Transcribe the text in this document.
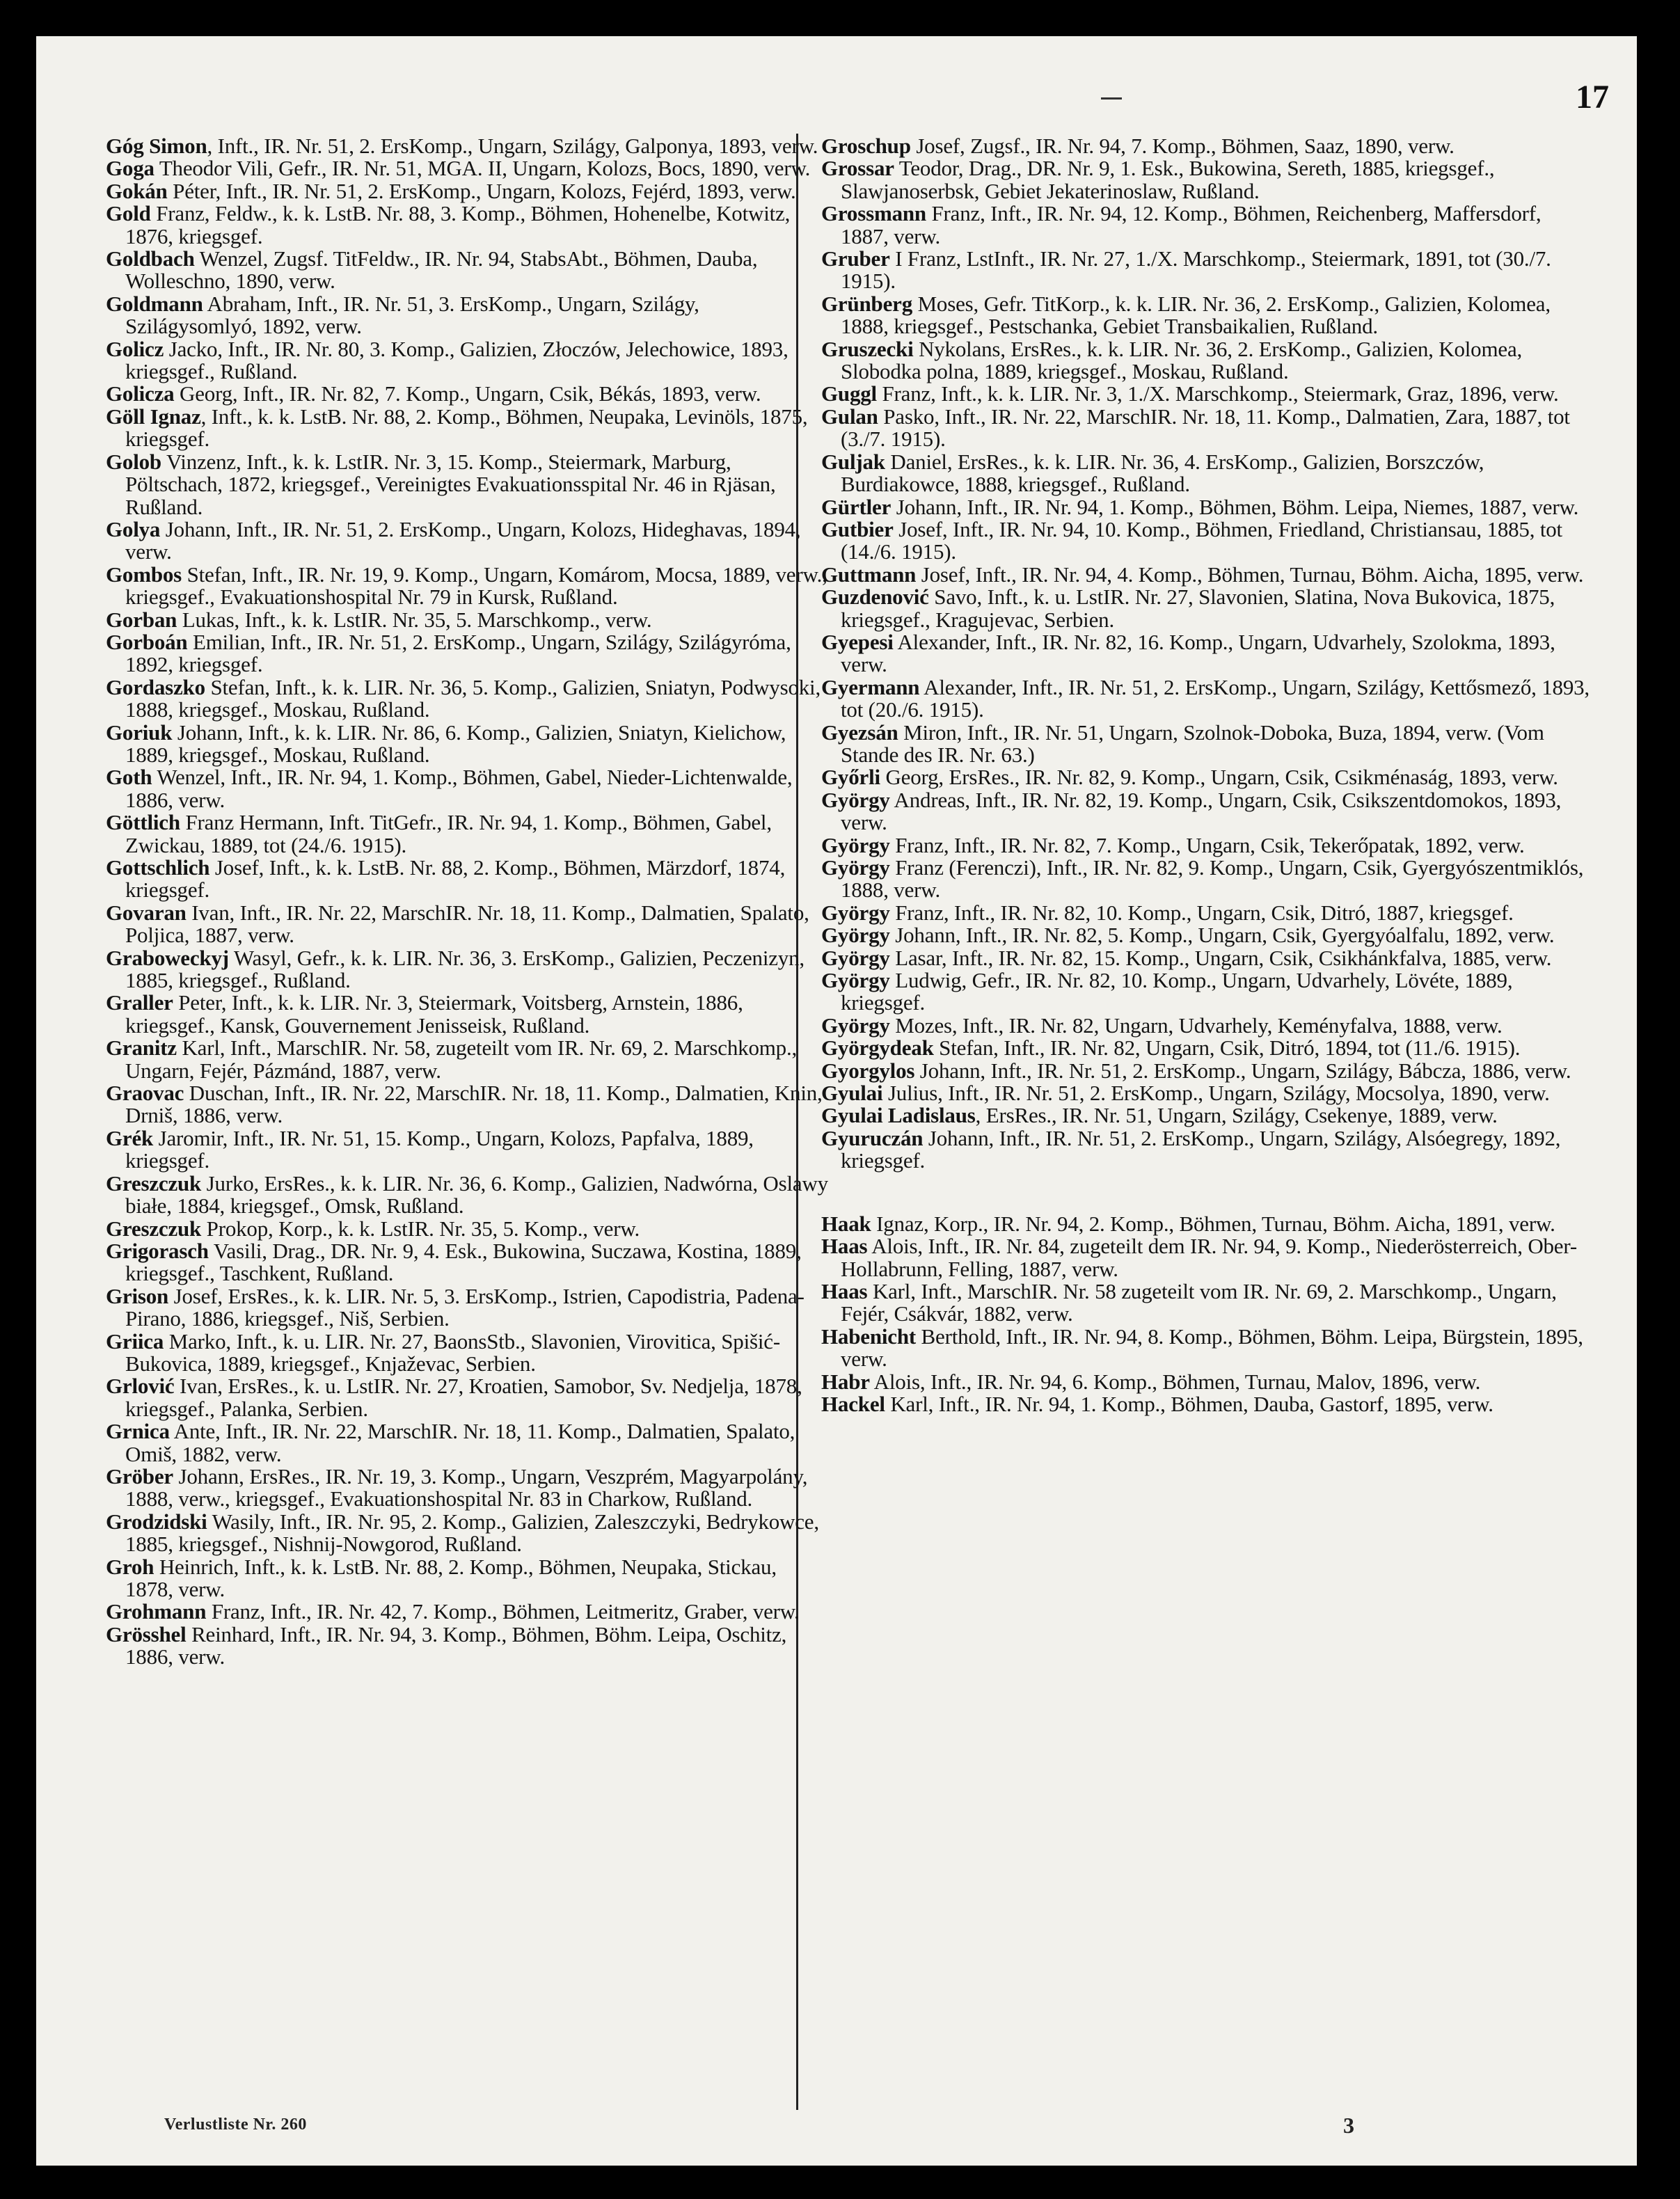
17

Góg Simon, Inft., IR. Nr. 51, 2. ErsKomp., Ungarn, Szilágy, Galponya, 1893, verw.

Goga Theodor Vili, Gefr., IR. Nr. 51, MGA. II, Ungarn, Kolozs, Bocs, 1890, verw.

Gokán Péter, Inft., IR. Nr. 51, 2. ErsKomp., Ungarn, Kolozs, Fejérd, 1893, verw.

Gold Franz, Feldw., k. k. LstB. Nr. 88, 3. Komp., Böhmen, Hohenelbe, Kotwitz, 1876, kriegsgef.

Goldbach Wenzel, Zugsf. TitFeldw., IR. Nr. 94, StabsAbt., Böhmen, Dauba, Wolleschno, 1890, verw.

Goldmann Abraham, Inft., IR. Nr. 51, 3. ErsKomp., Ungarn, Szilágy, Szilágysomlyó, 1892, verw.

Golicz Jacko, Inft., IR. Nr. 80, 3. Komp., Galizien, Złoczów, Jelechowice, 1893, kriegsgef., Rußland.

Golicza Georg, Inft., IR. Nr. 82, 7. Komp., Ungarn, Csik, Békás, 1893, verw.

Göll Ignaz, Inft., k. k. LstB. Nr. 88, 2. Komp., Böhmen, Neupaka, Levinöls, 1875, kriegsgef.

Golob Vinzenz, Inft., k. k. LstIR. Nr. 3, 15. Komp., Steiermark, Marburg, Pöltschach, 1872, kriegsgef., Vereinigtes Evakuationsspital Nr. 46 in Rjäsan, Rußland.

Golya Johann, Inft., IR. Nr. 51, 2. ErsKomp., Ungarn, Kolozs, Hideghavas, 1894, verw.

Gombos Stefan, Inft., IR. Nr. 19, 9. Komp., Ungarn, Komárom, Mocsa, 1889, verw., kriegsgef., Evakuationshospital Nr. 79 in Kursk, Rußland.

Gorban Lukas, Inft., k. k. LstIR. Nr. 35, 5. Marschkomp., verw.

Gorboán Emilian, Inft., IR. Nr. 51, 2. ErsKomp., Ungarn, Szilágy, Szilágyróma, 1892, kriegsgef.

Gordaszko Stefan, Inft., k. k. LIR. Nr. 36, 5. Komp., Galizien, Sniatyn, Podwysoki, 1888, kriegsgef., Moskau, Rußland.

Goriuk Johann, Inft., k. k. LIR. Nr. 86, 6. Komp., Galizien, Sniatyn, Kielichow, 1889, kriegsgef., Moskau, Rußland.

Goth Wenzel, Inft., IR. Nr. 94, 1. Komp., Böhmen, Gabel, Nieder-Lichtenwalde, 1886, verw.

Göttlich Franz Hermann, Inft. TitGefr., IR. Nr. 94, 1. Komp., Böhmen, Gabel, Zwickau, 1889, tot (24./6. 1915).

Gottschlich Josef, Inft., k. k. LstB. Nr. 88, 2. Komp., Böhmen, Märzdorf, 1874, kriegsgef.

Govaran Ivan, Inft., IR. Nr. 22, MarschIR. Nr. 18, 11. Komp., Dalmatien, Spalato, Poljica, 1887, verw.

Graboweckyj Wasyl, Gefr., k. k. LIR. Nr. 36, 3. ErsKomp., Galizien, Peczenizyn, 1885, kriegsgef., Rußland.

Graller Peter, Inft., k. k. LIR. Nr. 3, Steiermark, Voitsberg, Arnstein, 1886, kriegsgef., Kansk, Gouvernement Jenisseisk, Rußland.

Granitz Karl, Inft., MarschIR. Nr. 58, zugeteilt vom IR. Nr. 69, 2. Marschkomp., Ungarn, Fejér, Pázmánd, 1887, verw.

Graovac Duschan, Inft., IR. Nr. 22, MarschIR. Nr. 18, 11. Komp., Dalmatien, Knin, Drniš, 1886, verw.

Grék Jaromir, Inft., IR. Nr. 51, 15. Komp., Ungarn, Kolozs, Papfalva, 1889, kriegsgef.

Greszczuk Jurko, ErsRes., k. k. LIR. Nr. 36, 6. Komp., Galizien, Nadwórna, Oslawy białe, 1884, kriegsgef., Omsk, Rußland.

Greszczuk Prokop, Korp., k. k. LstIR. Nr. 35, 5. Komp., verw.

Grigorasch Vasili, Drag., DR. Nr. 9, 4. Esk., Bukowina, Suczawa, Kostina, 1889, kriegsgef., Taschkent, Rußland.

Grison Josef, ErsRes., k. k. LIR. Nr. 5, 3. ErsKomp., Istrien, Capodistria, Padena-Pirano, 1886, kriegsgef., Niš, Serbien.

Griica Marko, Inft., k. u. LIR. Nr. 27, BaonsStb., Slavonien, Virovitica, Spišić-Bukovica, 1889, kriegsgef., Knjaževac, Serbien.

Grlović Ivan, ErsRes., k. u. LstIR. Nr. 27, Kroatien, Samobor, Sv. Nedjelja, 1878, kriegsgef., Palanka, Serbien.

Grnica Ante, Inft., IR. Nr. 22, MarschIR. Nr. 18, 11. Komp., Dalmatien, Spalato, Omiš, 1882, verw.

Gröber Johann, ErsRes., IR. Nr. 19, 3. Komp., Ungarn, Veszprém, Magyarpolány, 1888, verw., kriegsgef., Evakuationshospital Nr. 83 in Charkow, Rußland.

Grodzidski Wasily, Inft., IR. Nr. 95, 2. Komp., Galizien, Zaleszczyki, Bedrykowce, 1885, kriegsgef., Nishnij-Nowgorod, Rußland.

Groh Heinrich, Inft., k. k. LstB. Nr. 88, 2. Komp., Böhmen, Neupaka, Stickau, 1878, verw.

Grohmann Franz, Inft., IR. Nr. 42, 7. Komp., Böhmen, Leitmeritz, Graber, verw.

Grösshel Reinhard, Inft., IR. Nr. 94, 3. Komp., Böhmen, Böhm. Leipa, Oschitz, 1886, verw.

Groschup Josef, Zugsf., IR. Nr. 94, 7. Komp., Böhmen, Saaz, 1890, verw.

Grossar Teodor, Drag., DR. Nr. 9, 1. Esk., Bukowina, Sereth, 1885, kriegsgef., Slawjanoserbsk, Gebiet Jekaterinoslaw, Rußland.

Grossmann Franz, Inft., IR. Nr. 94, 12. Komp., Böhmen, Reichenberg, Maffersdorf, 1887, verw.

Gruber I Franz, LstInft., IR. Nr. 27, 1./X. Marschkomp., Steiermark, 1891, tot (30./7. 1915).

Grünberg Moses, Gefr. TitKorp., k. k. LIR. Nr. 36, 2. ErsKomp., Galizien, Kolomea, 1888, kriegsgef., Pestschanka, Gebiet Transbaikalien, Rußland.

Gruszecki Nykolans, ErsRes., k. k. LIR. Nr. 36, 2. ErsKomp., Galizien, Kolomea, Slobodka polna, 1889, kriegsgef., Moskau, Rußland.

Guggl Franz, Inft., k. k. LIR. Nr. 3, 1./X. Marschkomp., Steiermark, Graz, 1896, verw.

Gulan Pasko, Inft., IR. Nr. 22, MarschIR. Nr. 18, 11. Komp., Dalmatien, Zara, 1887, tot (3./7. 1915).

Guljak Daniel, ErsRes., k. k. LIR. Nr. 36, 4. ErsKomp., Galizien, Borszczów, Burdiakowce, 1888, kriegsgef., Rußland.

Gürtler Johann, Inft., IR. Nr. 94, 1. Komp., Böhmen, Böhm. Leipa, Niemes, 1887, verw.

Gutbier Josef, Inft., IR. Nr. 94, 10. Komp., Böhmen, Friedland, Christiansau, 1885, tot (14./6. 1915).

Guttmann Josef, Inft., IR. Nr. 94, 4. Komp., Böhmen, Turnau, Böhm. Aicha, 1895, verw.

Guzdenović Savo, Inft., k. u. LstIR. Nr. 27, Slavonien, Slatina, Nova Bukovica, 1875, kriegsgef., Kragujevac, Serbien.

Gyepesi Alexander, Inft., IR. Nr. 82, 16. Komp., Ungarn, Udvarhely, Szolokma, 1893, verw.

Gyermann Alexander, Inft., IR. Nr. 51, 2. ErsKomp., Ungarn, Szilágy, Kettősmező, 1893, tot (20./6. 1915).

Gyezsán Miron, Inft., IR. Nr. 51, Ungarn, Szolnok-Doboka, Buza, 1894, verw. (Vom Stande des IR. Nr. 63.)

Győrli Georg, ErsRes., IR. Nr. 82, 9. Komp., Ungarn, Csik, Csikménaság, 1893, verw.

György Andreas, Inft., IR. Nr. 82, 19. Komp., Ungarn, Csik, Csikszentdomokos, 1893, verw.

György Franz, Inft., IR. Nr. 82, 7. Komp., Ungarn, Csik, Tekerőpatak, 1892, verw.

György Franz (Ferenczi), Inft., IR. Nr. 82, 9. Komp., Ungarn, Csik, Gyergyószentmiklós, 1888, verw.

György Franz, Inft., IR. Nr. 82, 10. Komp., Ungarn, Csik, Ditró, 1887, kriegsgef.

György Johann, Inft., IR. Nr. 82, 5. Komp., Ungarn, Csik, Gyergyóalfalu, 1892, verw.

György Lasar, Inft., IR. Nr. 82, 15. Komp., Ungarn, Csik, Csikhánkfalva, 1885, verw.

György Ludwig, Gefr., IR. Nr. 82, 10. Komp., Ungarn, Udvarhely, Lövéte, 1889, kriegsgef.

György Mozes, Inft., IR. Nr. 82, Ungarn, Udvarhely, Keményfalva, 1888, verw.

Györgydeak Stefan, Inft., IR. Nr. 82, Ungarn, Csik, Ditró, 1894, tot (11./6. 1915).

Gyorgylos Johann, Inft., IR. Nr. 51, 2. ErsKomp., Ungarn, Szilágy, Bábcza, 1886, verw.

Gyulai Julius, Inft., IR. Nr. 51, 2. ErsKomp., Ungarn, Szilágy, Mocsolya, 1890, verw.

Gyulai Ladislaus, ErsRes., IR. Nr. 51, Ungarn, Szilágy, Csekenye, 1889, verw.

Gyuruczán Johann, Inft., IR. Nr. 51, 2. ErsKomp., Ungarn, Szilágy, Alsóegregy, 1892, kriegsgef.

Haak Ignaz, Korp., IR. Nr. 94, 2. Komp., Böhmen, Turnau, Böhm. Aicha, 1891, verw.

Haas Alois, Inft., IR. Nr. 84, zugeteilt dem IR. Nr. 94, 9. Komp., Niederösterreich, Ober-Hollabrunn, Felling, 1887, verw.

Haas Karl, Inft., MarschIR. Nr. 58 zugeteilt vom IR. Nr. 69, 2. Marschkomp., Ungarn, Fejér, Csákvár, 1882, verw.

Habenicht Berthold, Inft., IR. Nr. 94, 8. Komp., Böhmen, Böhm. Leipa, Bürgstein, 1895, verw.

Habr Alois, Inft., IR. Nr. 94, 6. Komp., Böhmen, Turnau, Malov, 1896, verw.

Hackel Karl, Inft., IR. Nr. 94, 1. Komp., Böhmen, Dauba, Gastorf, 1895, verw.

Verlustliste Nr. 260	3
